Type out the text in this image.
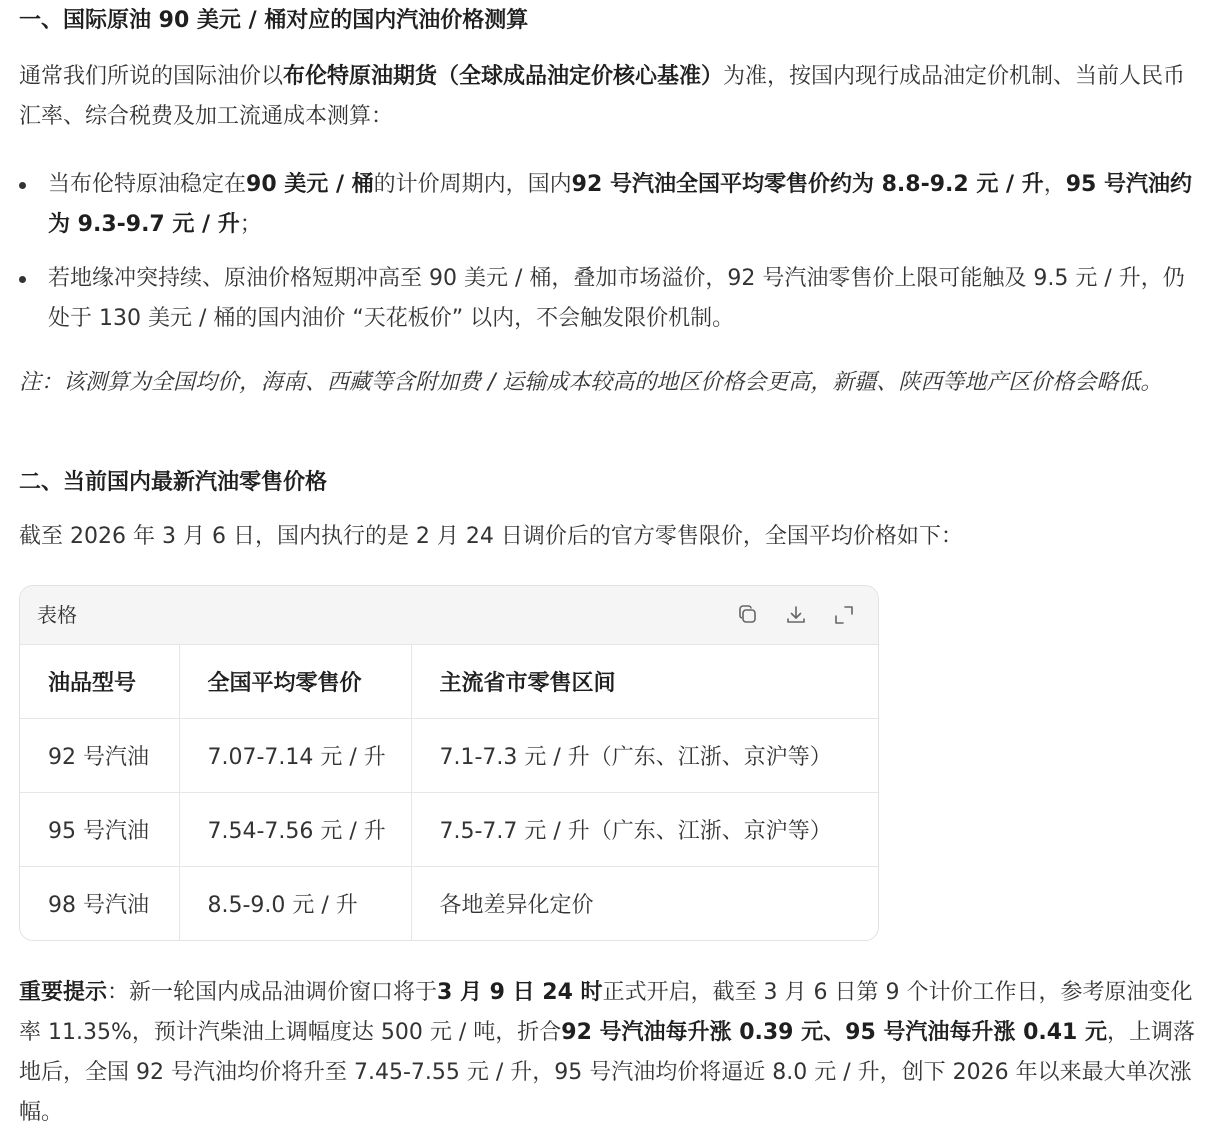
一、国际原油 90 美元 / 桶对应的国内汽油价格测算
通常我们所说的国际油价以布伦特原油期货（全球成品油定价核心基准）为准，按国内现行成品油定价机制、当前人民币汇率、综合税费及加工流通成本测算：
当布伦特原油稳定在90 美元 / 桶的计价周期内，国内92 号汽油全国平均零售价约为 8.8-9.2 元 / 升，95 号汽油约为 9.3-9.7 元 / 升；
若地缘冲突持续、原油价格短期冲高至 90 美元 / 桶，叠加市场溢价，92 号汽油零售价上限可能触及 9.5 元 / 升，仍处于 130 美元 / 桶的国内油价 “天花板价” 以内，不会触发限价机制。
注：该测算为全国均价，海南、西藏等含附加费 / 运输成本较高的地区价格会更高，新疆、陕西等地产区价格会略低。
二、当前国内最新汽油零售价格
截至 2026 年 3 月 6 日，国内执行的是 2 月 24 日调价后的官方零售限价，全国平均价格如下：
表格
油品型号	全国平均零售价	主流省市零售区间
92 号汽油	7.07-7.14 元 / 升	7.1-7.3 元 / 升（广东、江浙、京沪等）
95 号汽油	7.54-7.56 元 / 升	7.5-7.7 元 / 升（广东、江浙、京沪等）
98 号汽油	8.5-9.0 元 / 升	各地差异化定价
重要提示：新一轮国内成品油调价窗口将于3 月 9 日 24 时正式开启，截至 3 月 6 日第 9 个计价工作日，参考原油变化率 11.35%，预计汽柴油上调幅度达 500 元 / 吨，折合92 号汽油每升涨 0.39 元、95 号汽油每升涨 0.41 元，上调落地后，全国 92 号汽油均价将升至 7.45-7.55 元 / 升，95 号汽油均价将逼近 8.0 元 / 升，创下 2026 年以来最大单次涨幅。
